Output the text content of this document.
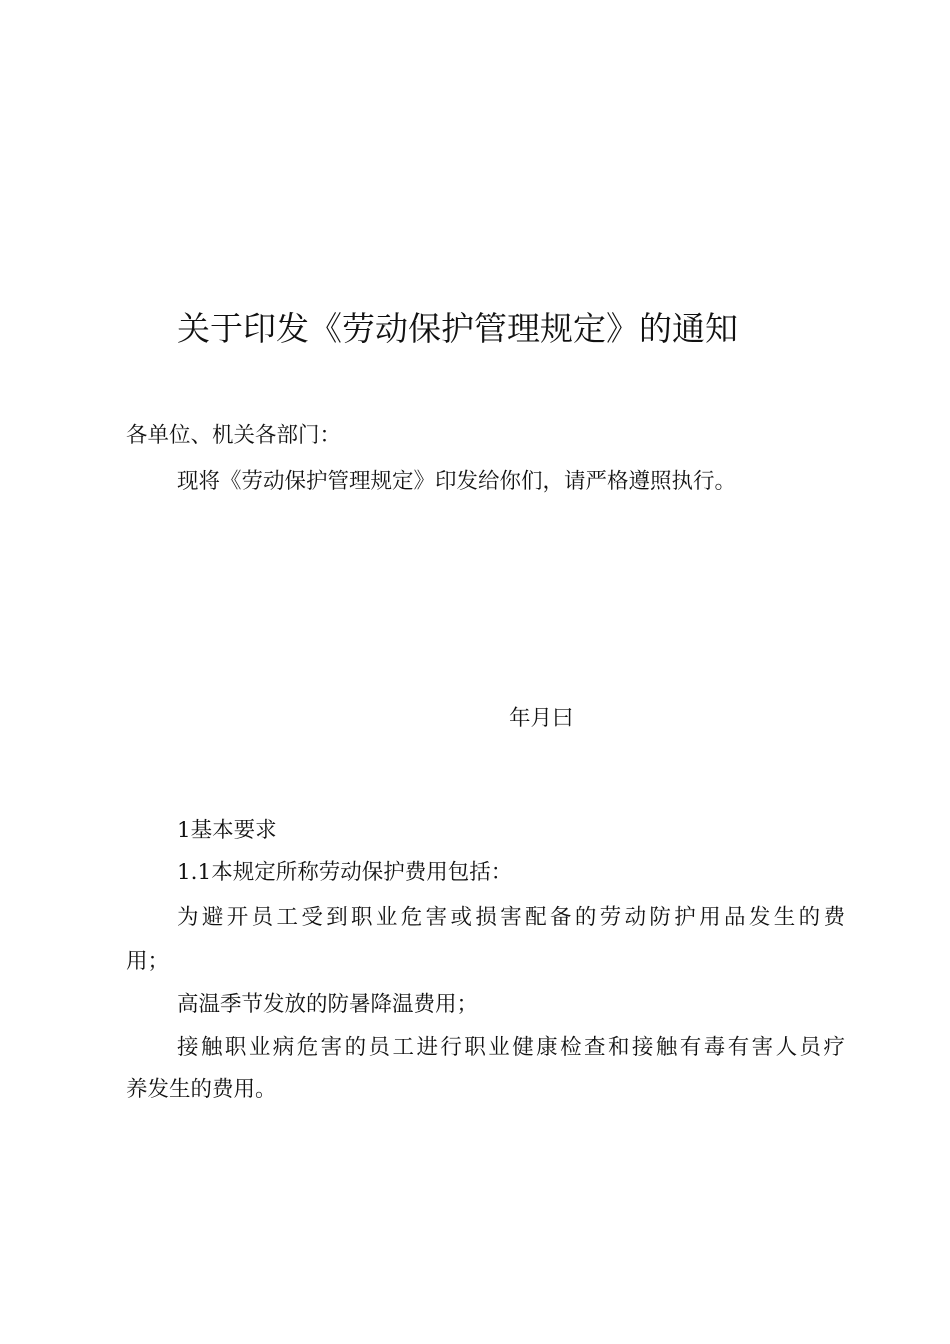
关于印发《劳动保护管理规定》的通知
各单位、机关各部门：
现将《劳动保护管理规定》印发给你们，请严格遵照执行。
年月曰
1基本要求
1.1本规定所称劳动保护费用包括：
为避开员工受到职业危害或损害配备的劳动防护用品发生的费
用；
高温季节发放的防暑降温费用；
接触职业病危害的员工进行职业健康检查和接触有毒有害人员疗
养发生的费用。
